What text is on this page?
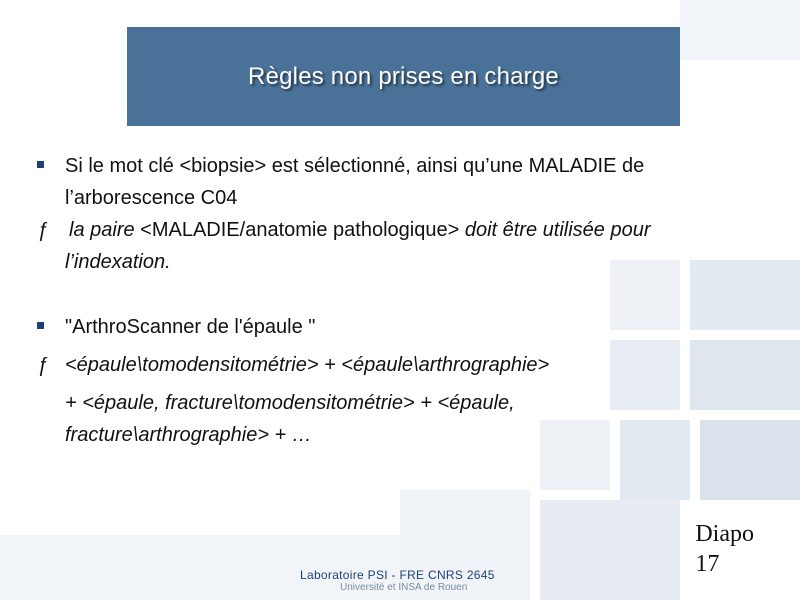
Règles non prises en charge
Si le mot clé <biopsie> est sélectionné, ainsi qu’une MALADIE de
l’arborescence C04
ƒ	la paire <MALADIE/anatomie pathologique> doit être utilisée pour
l’indexation.
"ArthroScanner de l'épaule "
ƒ <épaule\tomodensitométrie> + <épaule\arthrographie>
+ <épaule, fracture\tomodensitométrie> + <épaule,
fracture\arthrographie> + …
Diapo
17
Laboratoire PSI - FRE CNRS 2645
Université et INSA de Rouen
